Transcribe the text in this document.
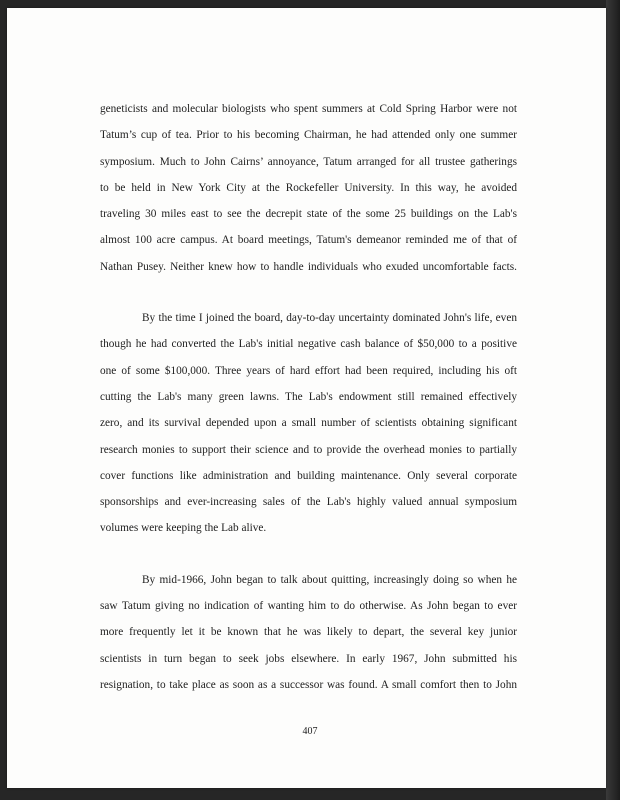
geneticists and molecular biologists who spent summers at Cold Spring Harbor were not
Tatum’s cup of tea. Prior to his becoming Chairman, he had attended only one summer
symposium. Much to John Cairns’ annoyance, Tatum arranged for all trustee gatherings
to be held in New York City at the Rockefeller University. In this way, he avoided
traveling 30 miles east to see the decrepit state of the some 25 buildings on the Lab's
almost 100 acre campus. At board meetings, Tatum's demeanor reminded me of that of
Nathan Pusey. Neither knew how to handle individuals who exuded uncomfortable facts.
By the time I joined the board, day-to-day uncertainty dominated John's life, even
though he had converted the Lab's initial negative cash balance of $50,000 to a positive
one of some $100,000. Three years of hard effort had been required, including his oft
cutting the Lab's many green lawns. The Lab's endowment still remained effectively
zero, and its survival depended upon a small number of scientists obtaining significant
research monies to support their science and to provide the overhead monies to partially
cover functions like administration and building maintenance. Only several corporate
sponsorships and ever-increasing sales of the Lab's highly valued annual symposium
volumes were keeping the Lab alive.
By mid-1966, John began to talk about quitting, increasingly doing so when he
saw Tatum giving no indication of wanting him to do otherwise. As John began to ever
more frequently let it be known that he was likely to depart, the several key junior
scientists in turn began to seek jobs elsewhere. In early 1967, John submitted his
resignation, to take place as soon as a successor was found. A small comfort then to John
407
